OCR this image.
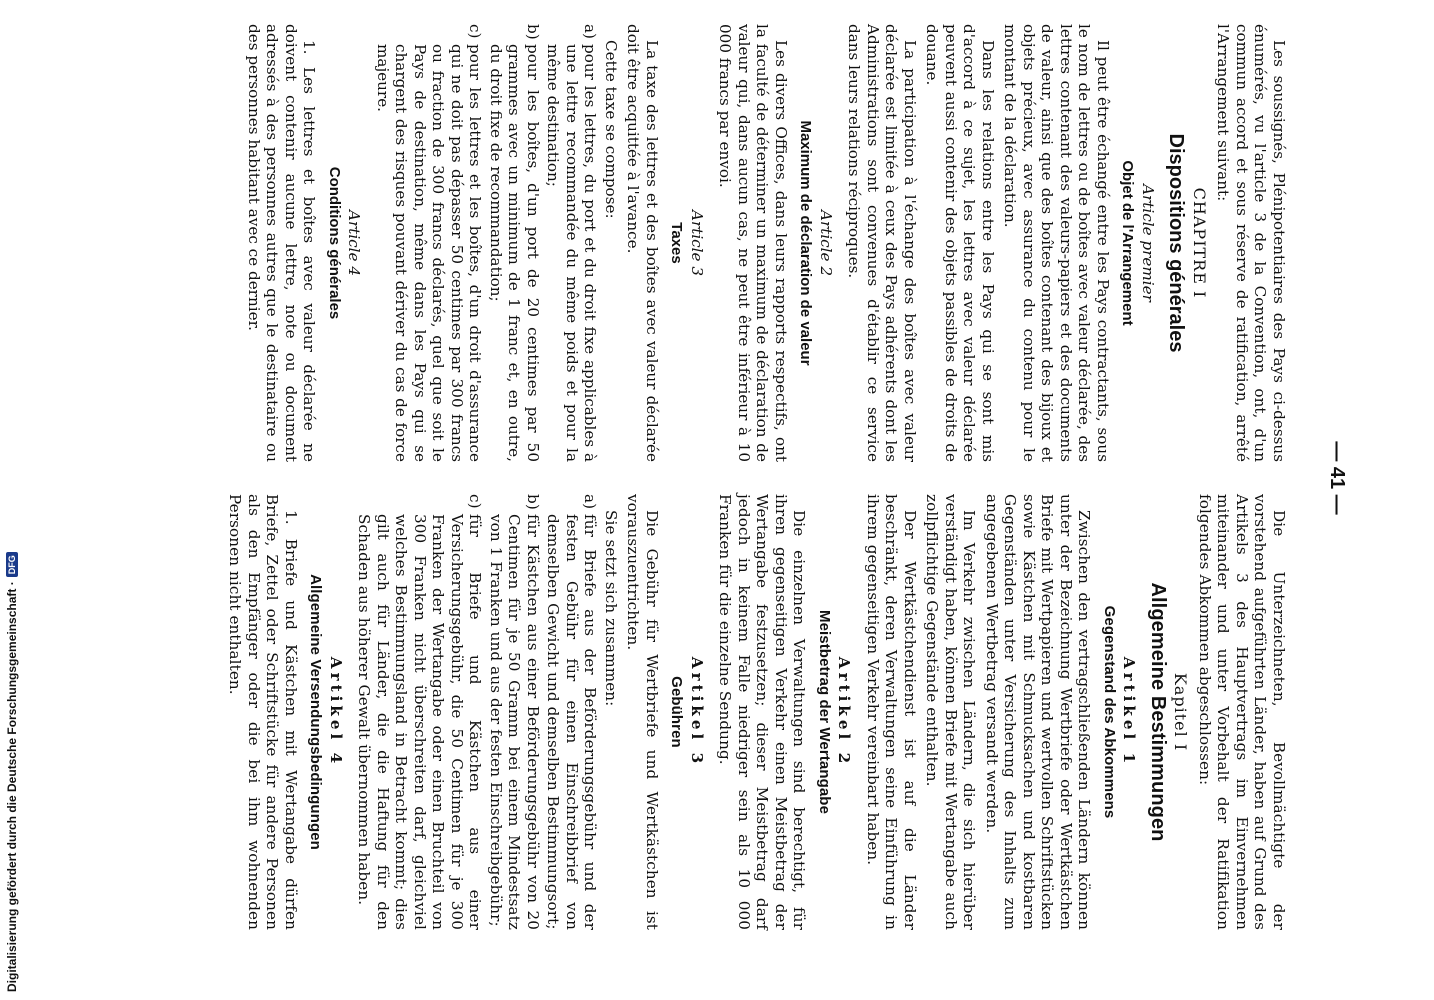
— 41 —

Les soussignés, Plénipotentiaires des Pays ci-dessus énumérés, vu l'article 3 de la Convention, ont, d'un commun accord et sous réserve de ratification, arrêté l'Arrangement suivant:

CHAPITRE I
Dispositions générales
Article premier
Objet de l'Arrangement

Il peut être échangé entre les Pays contractants, sous le nom de lettres ou de boîtes avec valeur déclarée, des lettres contenant des valeurs-papiers et des documents de valeur, ainsi que des boîtes contenant des bijoux et objets précieux, avec assurance du contenu pour le montant de la déclaration.

Dans les relations entre les Pays qui se sont mis d'accord à ce sujet, les lettres avec valeur déclarée peuvent aussi contenir des objets passibles de droits de douane.

La participation à l'échange des boîtes avec valeur déclarée est limitée à ceux des Pays adhérents dont les Administrations sont convenues d'établir ce service dans leurs relations réciproques.

Article 2
Maximum de déclaration de valeur

Les divers Offices, dans leurs rapports respectifs, ont la faculté de déterminer un maximum de déclaration de valeur qui, dans aucun cas, ne peut être inférieur à 10 000 francs par envoi.

Article 3
Taxes

La taxe des lettres et des boîtes avec valeur déclarée doit être acquittée à l'avance.

Cette taxe se compose:
a)
pour les lettres, du port et du droit fixe applicables à une lettre recommandée du même poids et pour la même destination;
b)
pour les boîtes, d'un port de 20 centimes par 50 grammes avec un minimum de 1 franc et, en outre, du droit fixe de recommandation;
c)
pour les lettres et les boîtes, d'un droit d'assurance qui ne doit pas dépasser 50 centimes par 300 francs ou fraction de 300 francs déclarés, quel que soit le Pays de destination, même dans les Pays qui se chargent des risques pouvant dériver du cas de force majeure.
Article 4
Conditions générales

1. Les lettres et boîtes avec valeur déclarée ne doivent contenir aucune lettre, note ou document adressés à des personnes autres que le destinataire ou des personnes habitant avec ce dernier.

Die Unterzeichneten, Bevollmächtigte der vorstehend aufgeführten Länder, haben auf Grund des Artikels 3 des Hauptvertrags im Einvernehmen miteinander und unter Vorbehalt der Ratifikation folgendes Abkommen abgeschlossen:

Kapitel I
Allgemeine Bestimmungen
Artikel 1
Gegenstand des Abkommens

Zwischen den vertragschließenden Ländern können unter der Bezeichnung Wertbriefe oder Wertkästchen Briefe mit Wertpapieren und wertvollen Schriftstücken sowie Kästchen mit Schmucksachen und kostbaren Gegenständen unter Versicherung des Inhalts zum angegebenen Wertbetrag versandt werden.

Im Verkehr zwischen Ländern, die sich hierüber verständigt haben, können Briefe mit Wertangabe auch zollpflichtige Gegenstände enthalten.

Der Wertkästchendienst ist auf die Länder beschränkt, deren Verwaltungen seine Einführung in ihrem gegenseitigen Verkehr vereinbart haben.

Artikel 2
Meistbetrag der Wertangabe

Die einzelnen Verwaltungen sind berechtigt, für ihren gegenseitigen Verkehr einen Meistbetrag der Wertangabe festzusetzen; dieser Meistbetrag darf jedoch in keinem Falle niedriger sein als 10 000 Franken für die einzelne Sendung.

Artikel 3
Gebühren

Die Gebühr für Wertbriefe und Wertkästchen ist vorauszuentrichten.

Sie setzt sich zusammen:
a)
für Briefe aus der Beförderungsgebühr und der festen Gebühr für einen Einschreibbrief von demselben Gewicht und demselben Bestimmungsort;
b)
für Kästchen aus einer Beförderungsgebühr von 20 Centimen für je 50 Gramm bei einem Mindestsatz von 1 Franken und aus der festen Einschreibgebühr;
c)
für Briefe und Kästchen aus einer Versicherungsgebühr, die 50 Centimen für je 300 Franken der Wertangabe oder einen Bruchteil von 300 Franken nicht überschreiten darf, gleichviel welches Bestimmungsland in Betracht kommt; dies gilt auch für Länder, die die Haftung für den Schaden aus höherer Gewalt übernommen haben.
Artikel 4
Allgemeine Versendungsbedingungen

1. Briefe und Kästchen mit Wertangabe dürfen Briefe, Zettel oder Schriftstücke für andere Personen als den Empfänger oder die bei ihm wohnenden Personen nicht enthalten.

Digitalisierung gefördert durch die Deutsche Forschungsgemeinschaft ·
DFG
